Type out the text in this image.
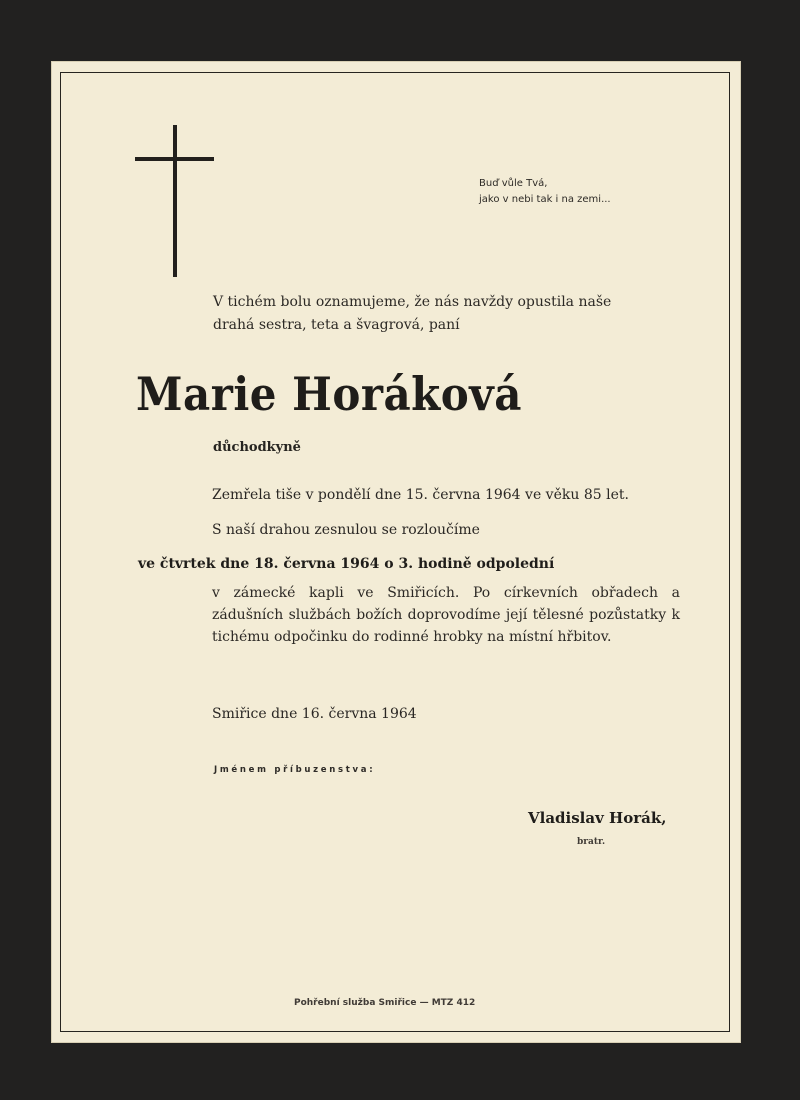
Buď vůle Tvá,

jako v nebi tak i na zemi...

V tichém bolu oznamujeme, že nás navždy opustila naše

drahá sestra, teta a švagrová, paní

Marie Horáková

důchodkyně

Zemřela tiše v pondělí dne 15. června 1964 ve věku 85 let.

S naší drahou zesnulou se rozloučíme

ve čtvrtek dne 18. června 1964 o 3. hodině odpolední

v zámecké kapli ve Smiřicích. Po církevních obřadech a zádušních službách božích doprovodíme její tělesné pozůstatky k tichému odpočinku do rodinné hrobky na místní hřbitov.

Smiřice dne 16. června 1964

Jménem příbuzenstva:

Vladislav Horák,

bratr.

Pohřební služba Smiřice — MTZ 412
